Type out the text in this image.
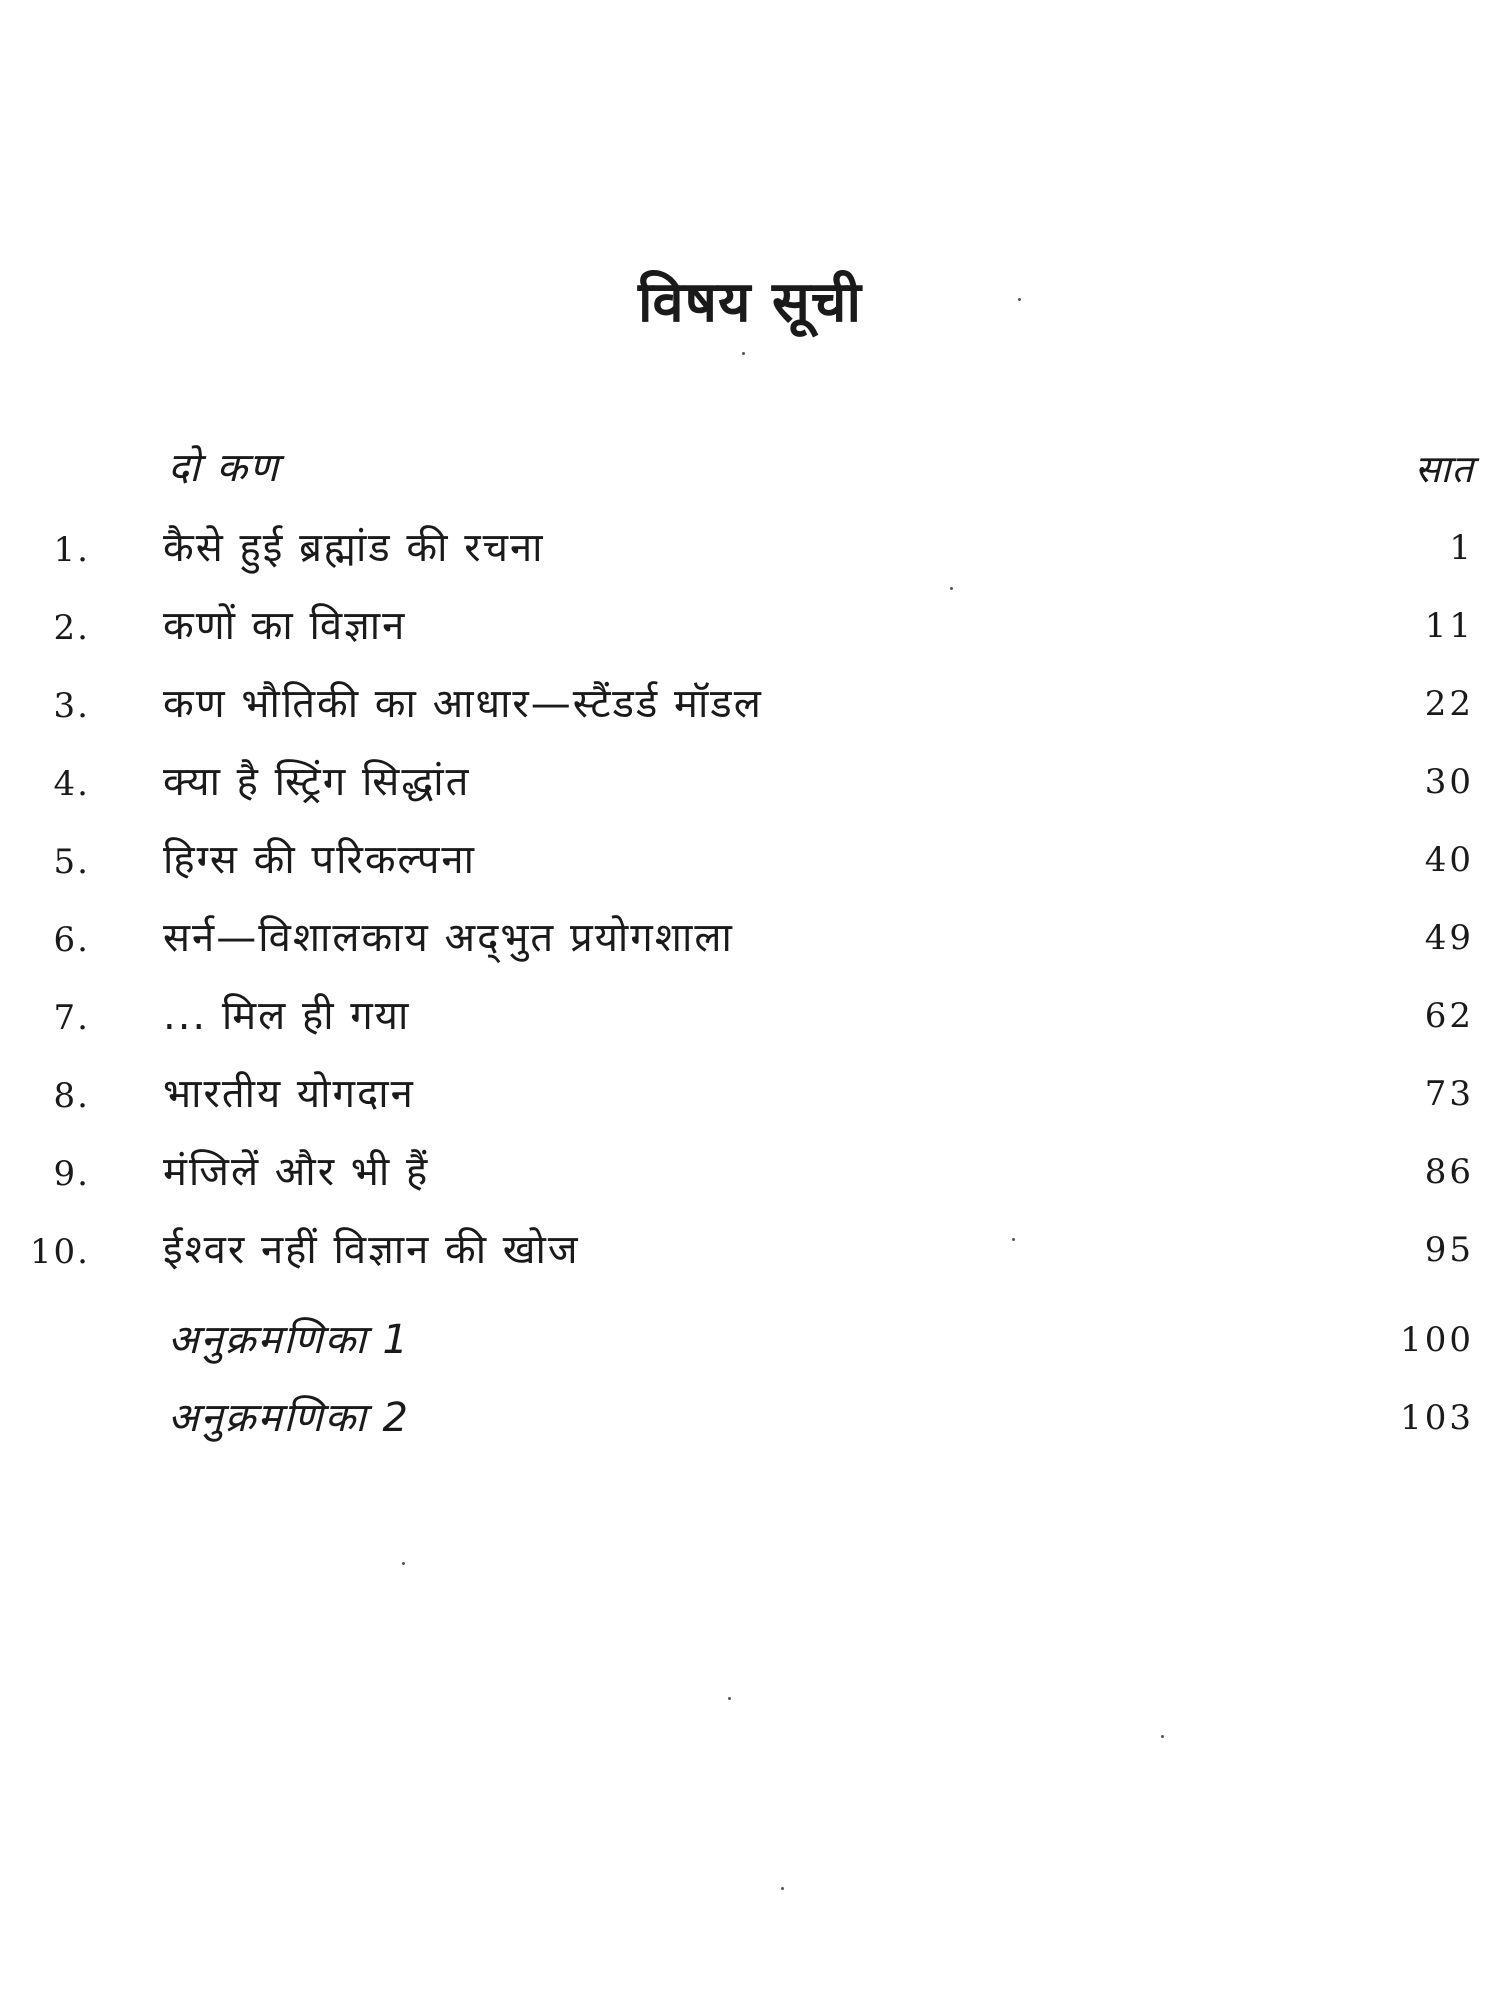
विषय सूची
दो कण	सात
1. कैसे हुई ब्रह्मांड की रचना	1
2. कणों का विज्ञान	11
3. कण भौतिकी का आधार—स्टैंडर्ड मॉडल	22
4. क्या है स्ट्रिंग सिद्धांत	30
5. हिग्स की परिकल्पना	40
6. सर्न—विशालकाय अद्‌भुत प्रयोगशाला	49
7. ... मिल ही गया	62
8. भारतीय योगदान	73
9. मंजिलें और भी हैं	86
10. ईश्वर नहीं विज्ञान की खोज	95
अनुक्रमणिका 1	100
अनुक्रमणिका 2	103
